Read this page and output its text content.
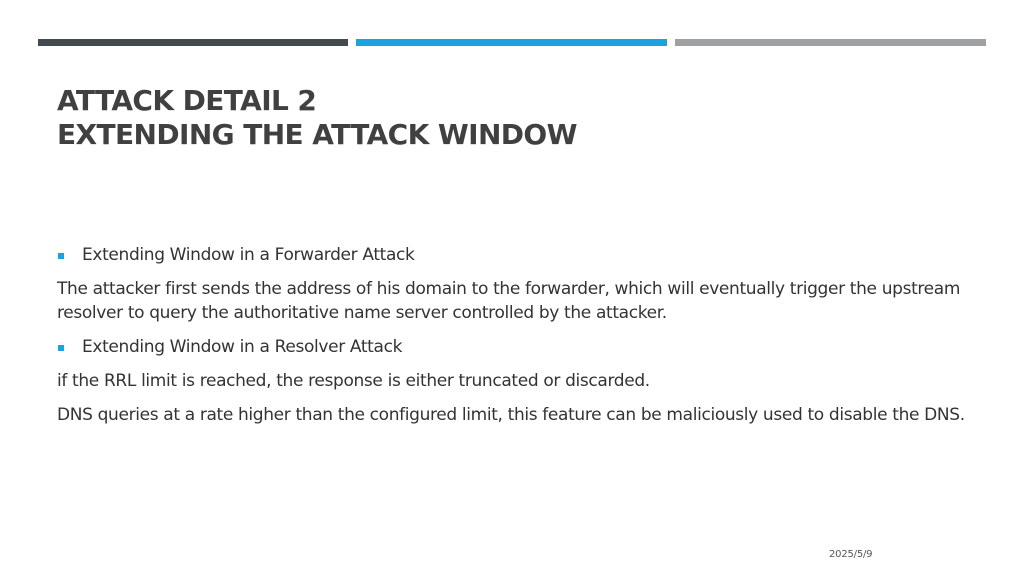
ATTACK DETAIL 2
EXTENDING THE ATTACK WINDOW
Extending Window in a Forwarder Attack

The attacker first sends the address of his domain to the forwarder, which will eventually trigger the upstream resolver to query the authoritative name server controlled by the attacker.

Extending Window in a Resolver Attack

if the RRL limit is reached, the response is either truncated or discarded.

DNS queries at a rate higher than the configured limit, this feature can be maliciously used to disable the DNS.

2025/5/9
